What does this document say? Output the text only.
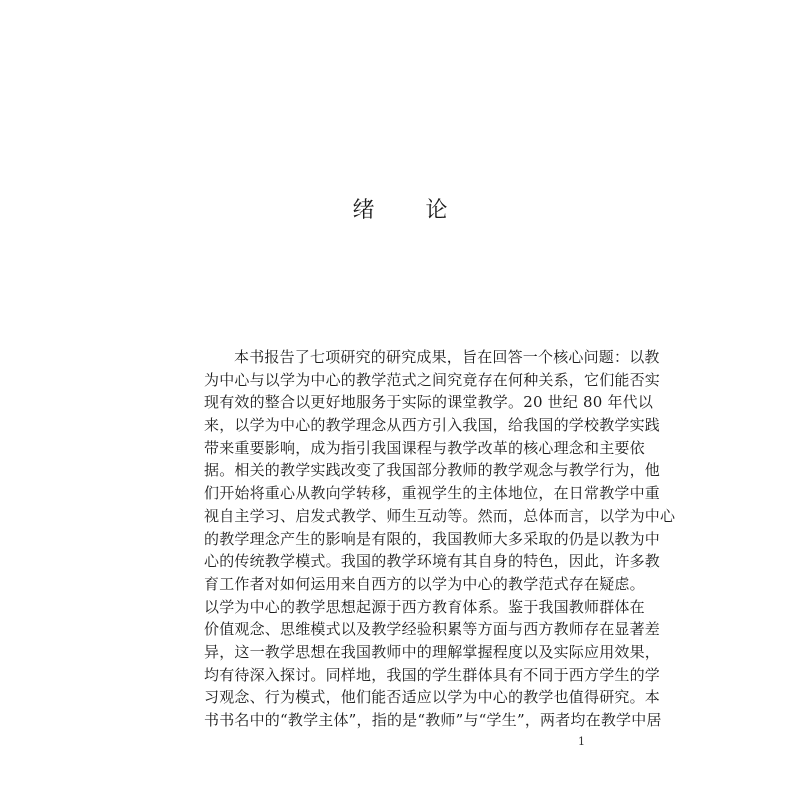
绪 论
本书报告了七项研究的研究成果，旨在回答一个核心问题：以教
为中心与以学为中心的教学范式之间究竟存在何种关系，它们能否实
现有效的整合以更好地服务于实际的课堂教学。20 世纪 80 年代以
来，以学为中心的教学理念从西方引入我国，给我国的学校教学实践
带来重要影响，成为指引我国课程与教学改革的核心理念和主要依
据。相关的教学实践改变了我国部分教师的教学观念与教学行为，他
们开始将重心从教向学转移，重视学生的主体地位，在日常教学中重
视自主学习、启发式教学、师生互动等。然而，总体而言，以学为中心
的教学理念产生的影响是有限的，我国教师大多采取的仍是以教为中
心的传统教学模式。我国的教学环境有其自身的特色，因此，许多教
育工作者对如何运用来自西方的以学为中心的教学范式存在疑虑。
以学为中心的教学思想起源于西方教育体系。鉴于我国教师群体在
价值观念、思维模式以及教学经验积累等方面与西方教师存在显著差
异，这一教学思想在我国教师中的理解掌握程度以及实际应用效果，
均有待深入探讨。同样地，我国的学生群体具有不同于西方学生的学
习观念、行为模式，他们能否适应以学为中心的教学也值得研究。本
书书名中的“教学主体”，指的是“教师”与“学生”，两者均在教学中居
1
